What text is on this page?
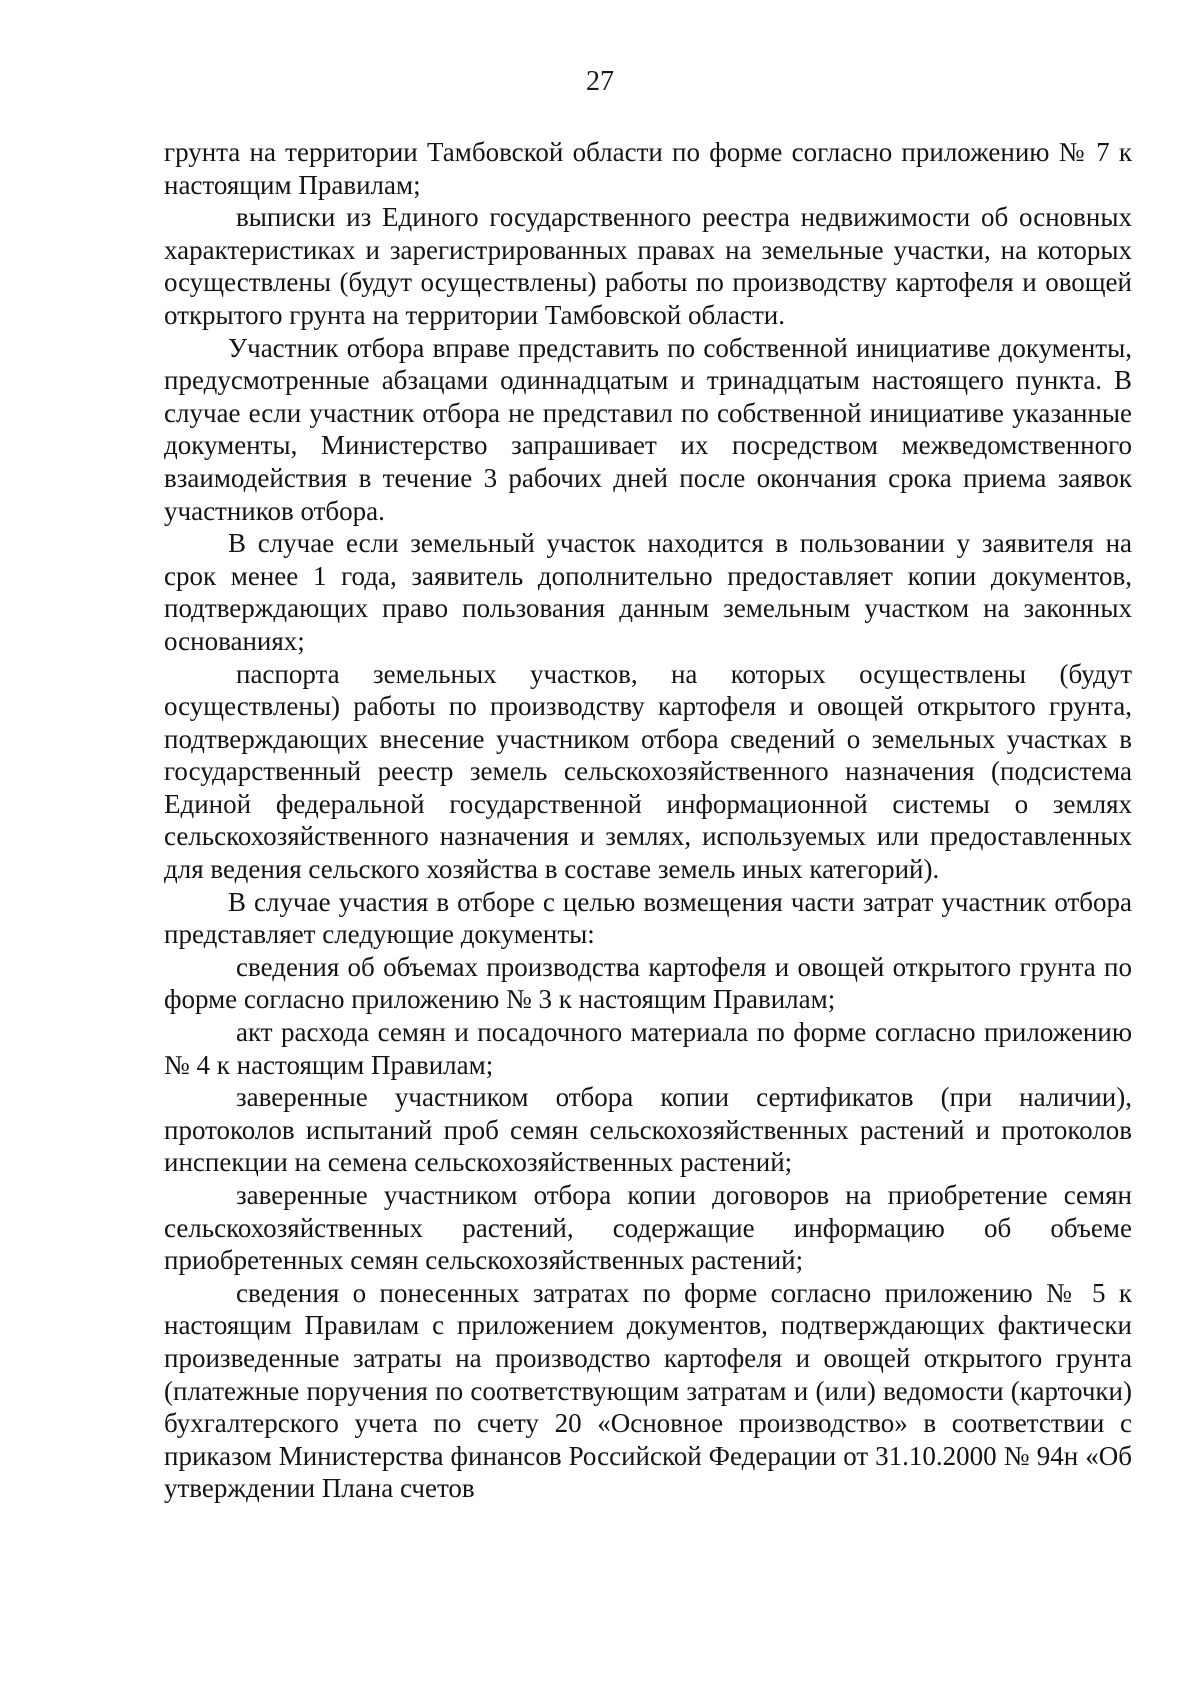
27

грунта на территории Тамбовской области по форме согласно приложению № 7 к настоящим Правилам;

выписки из Единого государственного реестра недвижимости об основных характеристиках и зарегистрированных правах на земельные участки, на которых осуществлены (будут осуществлены) работы по производству картофеля и овощей открытого грунта на территории Тамбовской области.

Участник отбора вправе представить по собственной инициативе документы, предусмотренные абзацами одиннадцатым и тринадцатым настоящего пункта. В случае если участник отбора не представил по собственной инициативе указанные документы, Министерство запрашивает их посредством межведомственного взаимодействия в течение 3 рабочих дней после окончания срока приема заявок участников отбора.

В случае если земельный участок находится в пользовании у заявителя на срок менее 1 года, заявитель дополнительно предоставляет копии документов, подтверждающих право пользования данным земельным участком на законных основаниях;

паспорта земельных участков, на которых осуществлены (будут осуществлены) работы по производству картофеля и овощей открытого грунта, подтверждающих внесение участником отбора сведений о земельных участках в государственный реестр земель сельскохозяйственного назначения (подсистема Единой федеральной государственной информационной системы о землях сельскохозяйственного назначения и землях, используемых или предоставленных для ведения сельского хозяйства в составе земель иных категорий).

В случае участия в отборе с целью возмещения части затрат участник отбора представляет следующие документы:

сведения об объемах производства картофеля и овощей открытого грунта по форме согласно приложению № 3 к настоящим Правилам;

акт расхода семян и посадочного материала по форме согласно приложению № 4 к настоящим Правилам;

заверенные участником отбора копии сертификатов (при наличии), протоколов испытаний проб семян сельскохозяйственных растений и протоколов инспекции на семена сельскохозяйственных растений;

заверенные участником отбора копии договоров на приобретение семян сельскохозяйственных растений, содержащие информацию об объеме приобретенных семян сельскохозяйственных растений;

сведения о понесенных затратах по форме согласно приложению № 5 к настоящим Правилам с приложением документов, подтверждающих фактически произведенные затраты на производство картофеля и овощей открытого грунта (платежные поручения по соответствующим затратам и (или) ведомости (карточки) бухгалтерского учета по счету 20 «Основное производство» в соответствии с приказом Министерства финансов Российской Федерации от 31.10.2000 № 94н «Об утверждении Плана счетов
